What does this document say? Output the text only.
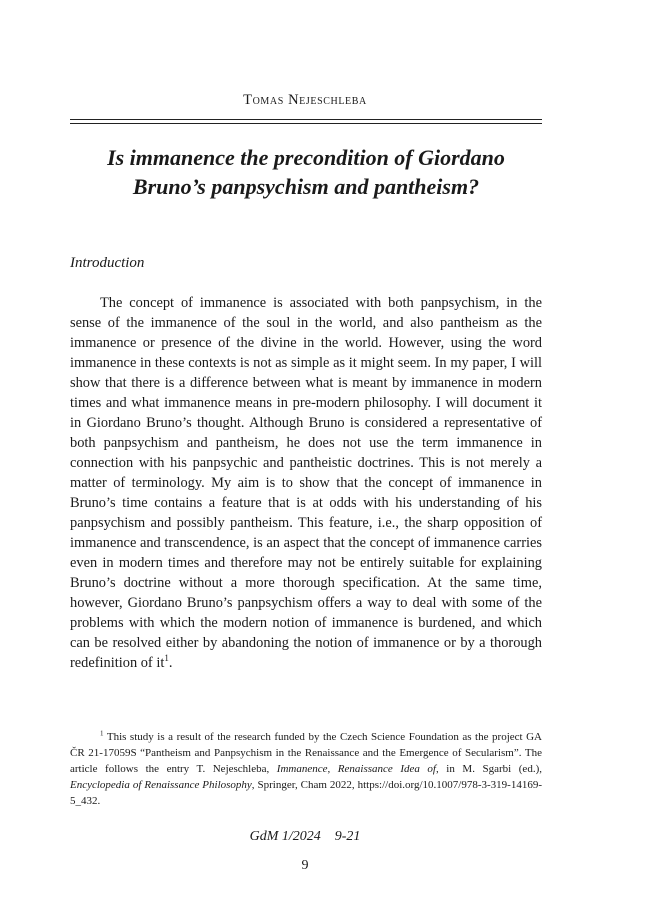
Tomas Nejeschleba
Is immanence the precondition of Giordano Bruno’s panpsychism and pantheism?
Introduction

The concept of immanence is associated with both panpsychism, in the sense of the immanence of the soul in the world, and also pantheism as the immanence or presence of the divine in the world. However, using the word immanence in these contexts is not as simple as it might seem. In my paper, I will show that there is a difference between what is meant by immanence in modern times and what immanence means in pre-modern philosophy. I will document it in Giordano Bruno’s thought. Although Bruno is considered a representative of both panpsychism and pantheism, he does not use the term immanence in connection with his panpsychic and pantheistic doctrines. This is not merely a matter of terminology. My aim is to show that the concept of immanence in Bruno’s time contains a feature that is at odds with his understanding of his panpsychism and possibly pantheism. This feature, i.e., the sharp opposition of immanence and transcendence, is an aspect that the concept of immanence carries even in modern times and therefore may not be entirely suitable for explaining Bruno’s doctrine without a more thorough specification. At the same time, however, Giordano Bruno’s panpsychism offers a way to deal with some of the problems with which the modern notion of immanence is burdened, and which can be resolved either by abandoning the notion of immanence or by a thorough redefinition of $it^1$.

$^1$ This study is a result of the research funded by the Czech Science Foundation as the project GA ČR 21-17059S “Pantheism and Panpsychism in the Renaissance and the Emergence of Secularism”. The article follows the entry T. Nejeschleba, Immanence, Renaissance Idea of, in M. Sgarbi (ed.), Encyclopedia of Renaissance Philosophy, Springer, Cham 2022, https://doi.org/10.1007/978-3-319-14169-5_432.

GdM 1/2024 9-21
9
